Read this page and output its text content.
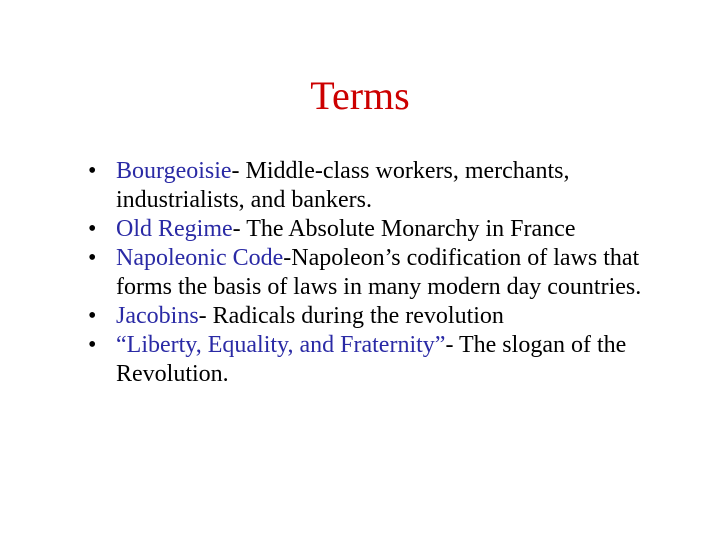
Terms
• Bourgeoisie- Middle-class workers, merchants, industrialists, and bankers.
• Old Regime- The Absolute Monarchy in France
• Napoleonic Code-Napoleon’s codification of laws that forms the basis of laws in many modern day countries.
• Jacobins- Radicals during the revolution
• “Liberty, Equality, and Fraternity”- The slogan of the Revolution.
